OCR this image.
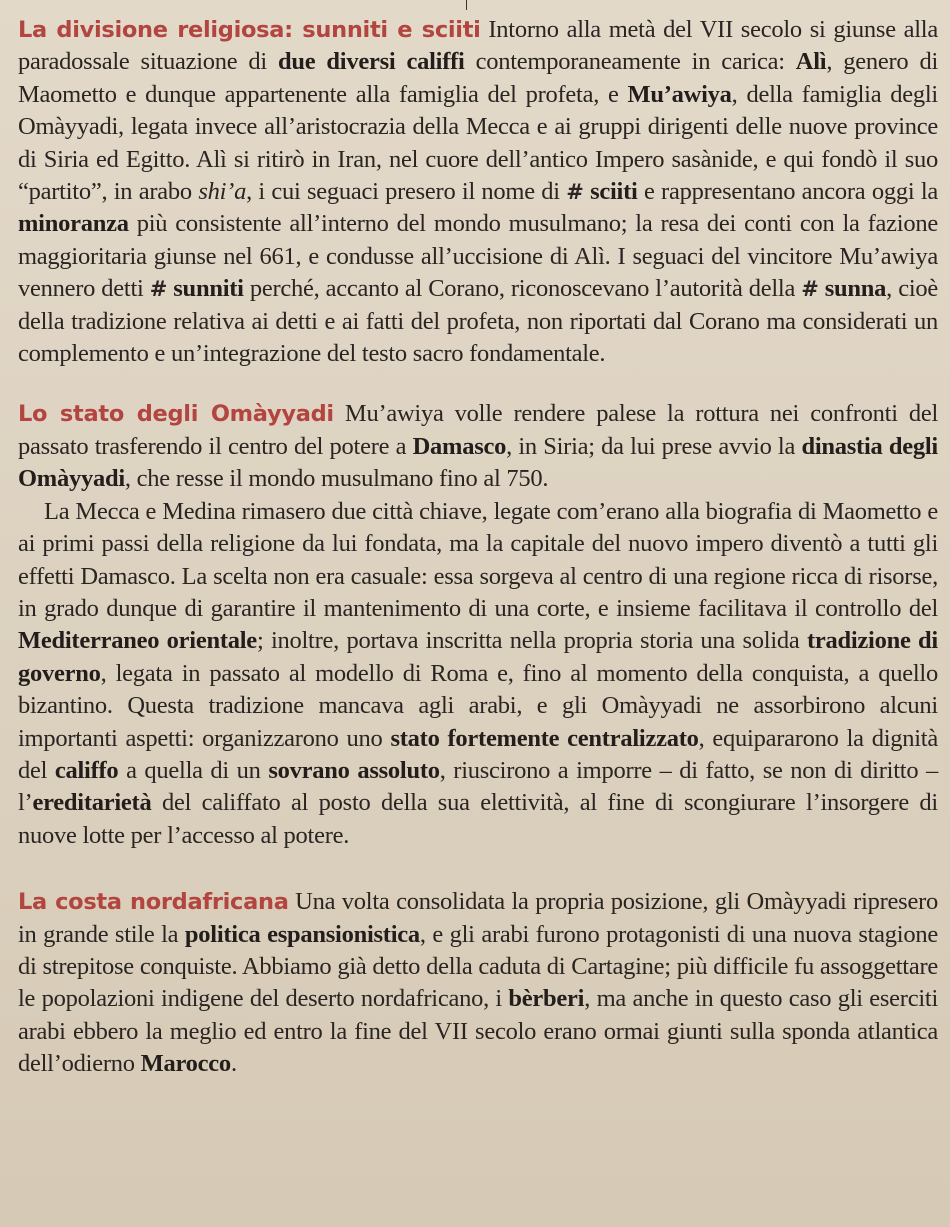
La divisione religiosa: sunniti e sciiti Intorno alla metà del VII secolo si giunse alla paradossale situazione di due diversi califfi contemporaneamente in carica: Alì, genero di Maometto e dunque appartenente alla famiglia del profeta, e Mu’awiya, della famiglia degli Omàyyadi, legata invece all’aristocrazia della Mecca e ai gruppi dirigenti delle nuove province di Siria ed Egitto. Alì si ritirò in Iran, nel cuore dell’antico Impero sasànide, e qui fondò il suo “partito”, in arabo shi’a, i cui seguaci presero il nome di # sciiti e rappresentano ancora oggi la minoranza più consistente all’interno del mondo musulmano; la resa dei conti con la fazione maggioritaria giunse nel 661, e condusse all’uccisione di Alì. I seguaci del vincitore Mu’awiya vennero detti # sunniti perché, accanto al Corano, riconoscevano l’autorità della # sunna, cioè della tradizione relativa ai detti e ai fatti del profeta, non riportati dal Corano ma considerati un complemento e un’integrazione del testo sacro fondamentale.

Lo stato degli Omàyyadi Mu’awiya volle rendere palese la rottura nei confronti del passato trasferendo il centro del potere a Damasco, in Siria; da lui prese avvio la dinastia degli Omàyyadi, che resse il mondo musulmano fino al 750.

La Mecca e Medina rimasero due città chiave, legate com’erano alla biografia di Maometto e ai primi passi della religione da lui fondata, ma la capitale del nuovo impero diventò a tutti gli effetti Damasco. La scelta non era casuale: essa sorgeva al centro di una regione ricca di risorse, in grado dunque di garantire il mantenimento di una corte, e insieme facilitava il controllo del Mediterraneo orientale; inoltre, portava inscritta nella propria storia una solida tradizione di governo, legata in passato al modello di Roma e, fino al momento della conquista, a quello bizantino. Questa tradizione mancava agli arabi, e gli Omàyyadi ne assorbirono alcuni importanti aspetti: organizzarono uno stato fortemente centralizzato, equipararono la dignità del califfo a quella di un sovrano assoluto, riuscirono a imporre – di fatto, se non di diritto – l’ereditarietà del califfato al posto della sua elettività, al fine di scongiurare l’insorgere di nuove lotte per l’accesso al potere.

La costa nordafricana Una volta consolidata la propria posizione, gli Omàyyadi ripresero in grande stile la politica espansionistica, e gli arabi furono protagonisti di una nuova stagione di strepitose conquiste. Abbiamo già detto della caduta di Cartagine; più difficile fu assoggettare le popolazioni indigene del deserto nordafricano, i bèrberi, ma anche in questo caso gli eserciti arabi ebbero la meglio ed entro la fine del VII secolo erano ormai giunti sulla sponda atlantica dell’odierno Marocco.
